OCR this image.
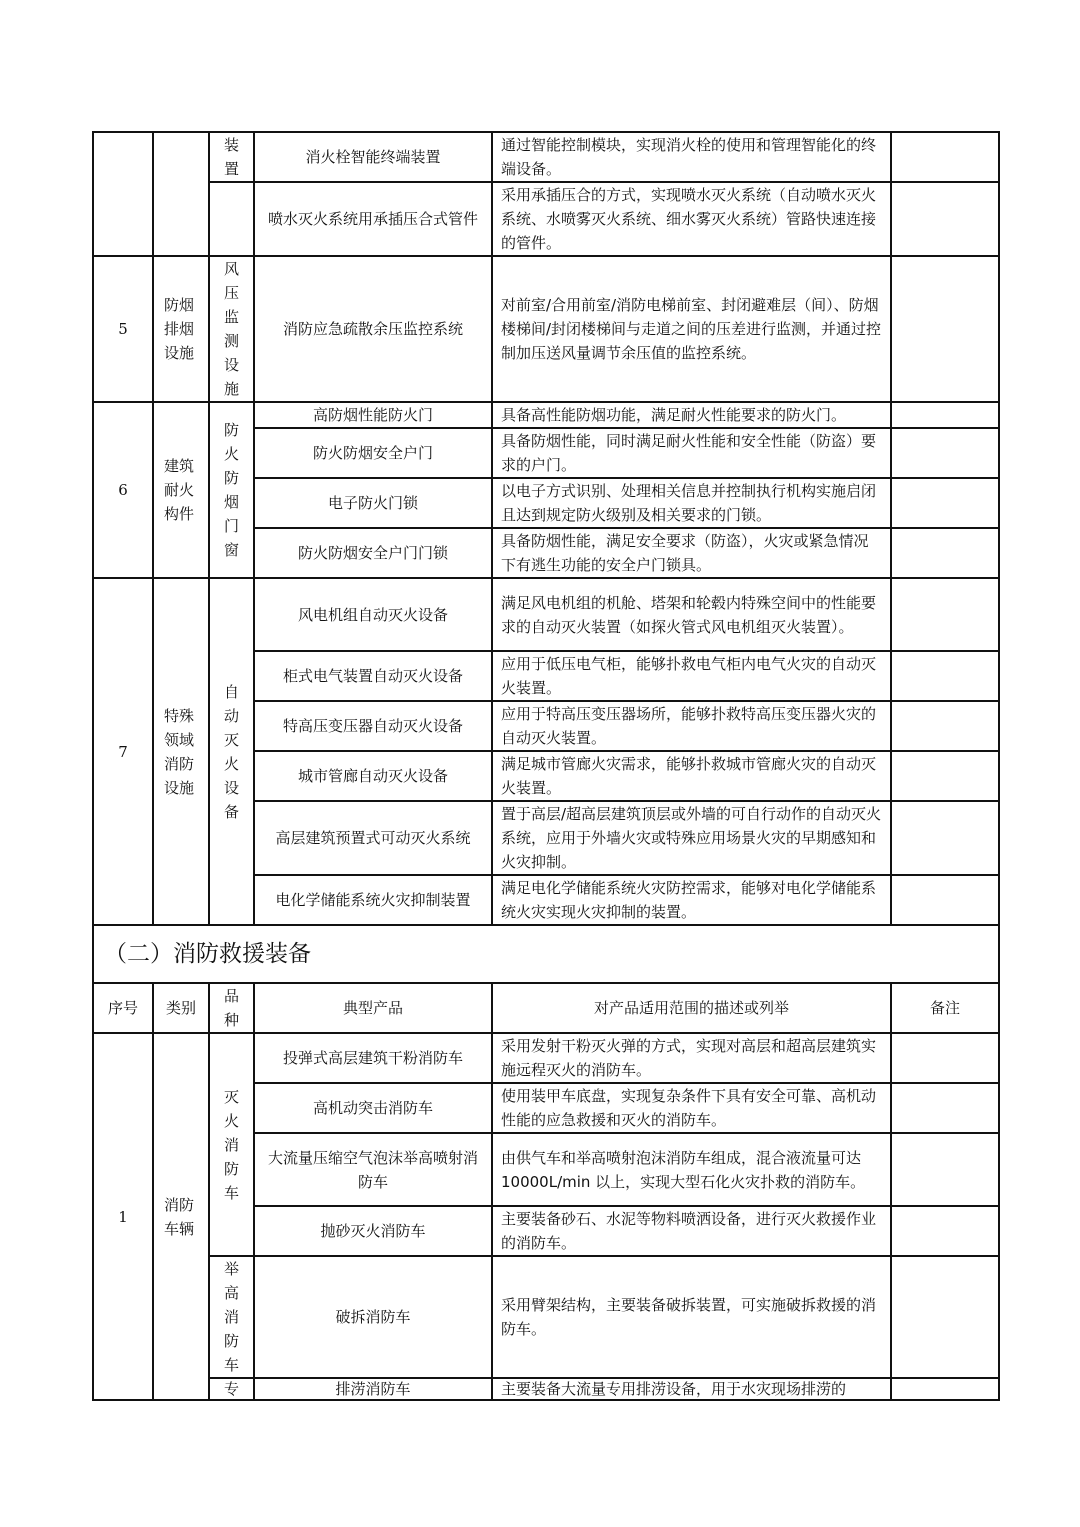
		装置	消火栓智能终端装置	通过智能控制模块，实现消火栓的使用和管理智能化的终端设备。	
			喷水灭火系统用承插压合式管件	采用承插压合的方式，实现喷水灭火系统（自动喷水灭火系统、水喷雾灭火系统、细水雾灭火系统）管路快速连接的管件。	
5	防烟排烟设施	风压监测设施	消防应急疏散余压监控系统	对前室/合用前室/消防电梯前室、封闭避难层（间）、防烟楼梯间/封闭楼梯间与走道之间的压差进行监测，并通过控制加压送风量调节余压值的监控系统。	
6	建筑耐火构件	防火防烟门窗	高防烟性能防火门	具备高性能防烟功能，满足耐火性能要求的防火门。	
			防火防烟安全户门	具备防烟性能，同时满足耐火性能和安全性能（防盗）要求的户门。	
			电子防火门锁	以电子方式识别、处理相关信息并控制执行机构实施启闭且达到规定防火级别及相关要求的门锁。	
			防火防烟安全户门门锁	具备防烟性能，满足安全要求（防盗），火灾或紧急情况下有逃生功能的安全户门锁具。	
7	特殊领域消防设施	自动灭火设备	风电机组自动灭火设备	满足风电机组的机舱、塔架和轮毂内特殊空间中的性能要求的自动灭火装置（如探火管式风电机组灭火装置）。	
			柜式电气装置自动灭火设备	应用于低压电气柜，能够扑救电气柜内电气火灾的自动灭火装置。	
			特高压变压器自动灭火设备	应用于特高压变压器场所，能够扑救特高压变压器火灾的自动灭火装置。	
			城市管廊自动灭火设备	满足城市管廊火灾需求，能够扑救城市管廊火灾的自动灭火装置。	
			高层建筑预置式可动灭火系统	置于高层/超高层建筑顶层或外墙的可自行动作的自动灭火系统，应用于外墙火灾或特殊应用场景火灾的早期感知和火灾抑制。	
			电化学储能系统火灾抑制装置	满足电化学储能系统火灾防控需求，能够对电化学储能系统火灾实现火灾抑制的装置。	
（二）消防救援装备					
序号	类别	品种	典型产品	对产品适用范围的描述或列举	备注
1	消防车辆	灭火消防车	投弹式高层建筑干粉消防车	采用发射干粉灭火弹的方式，实现对高层和超高层建筑实施远程灭火的消防车。	
			高机动突击消防车	使用装甲车底盘，实现复杂条件下具有安全可靠、高机动性能的应急救援和灭火的消防车。	
			大流量压缩空气泡沫举高喷射消防车	由供气车和举高喷射泡沫消防车组成，混合液流量可达 10000L/min 以上，实现大型石化火灾扑救的消防车。	
			抛砂灭火消防车	主要装备砂石、水泥等物料喷洒设备，进行灭火救援作业的消防车。	
		举高消防车	破拆消防车	采用臂架结构，主要装备破拆装置，可实施破拆救援的消防车。	
		专	排涝消防车	主要装备大流量专用排涝设备，用于水灾现场排涝的	
